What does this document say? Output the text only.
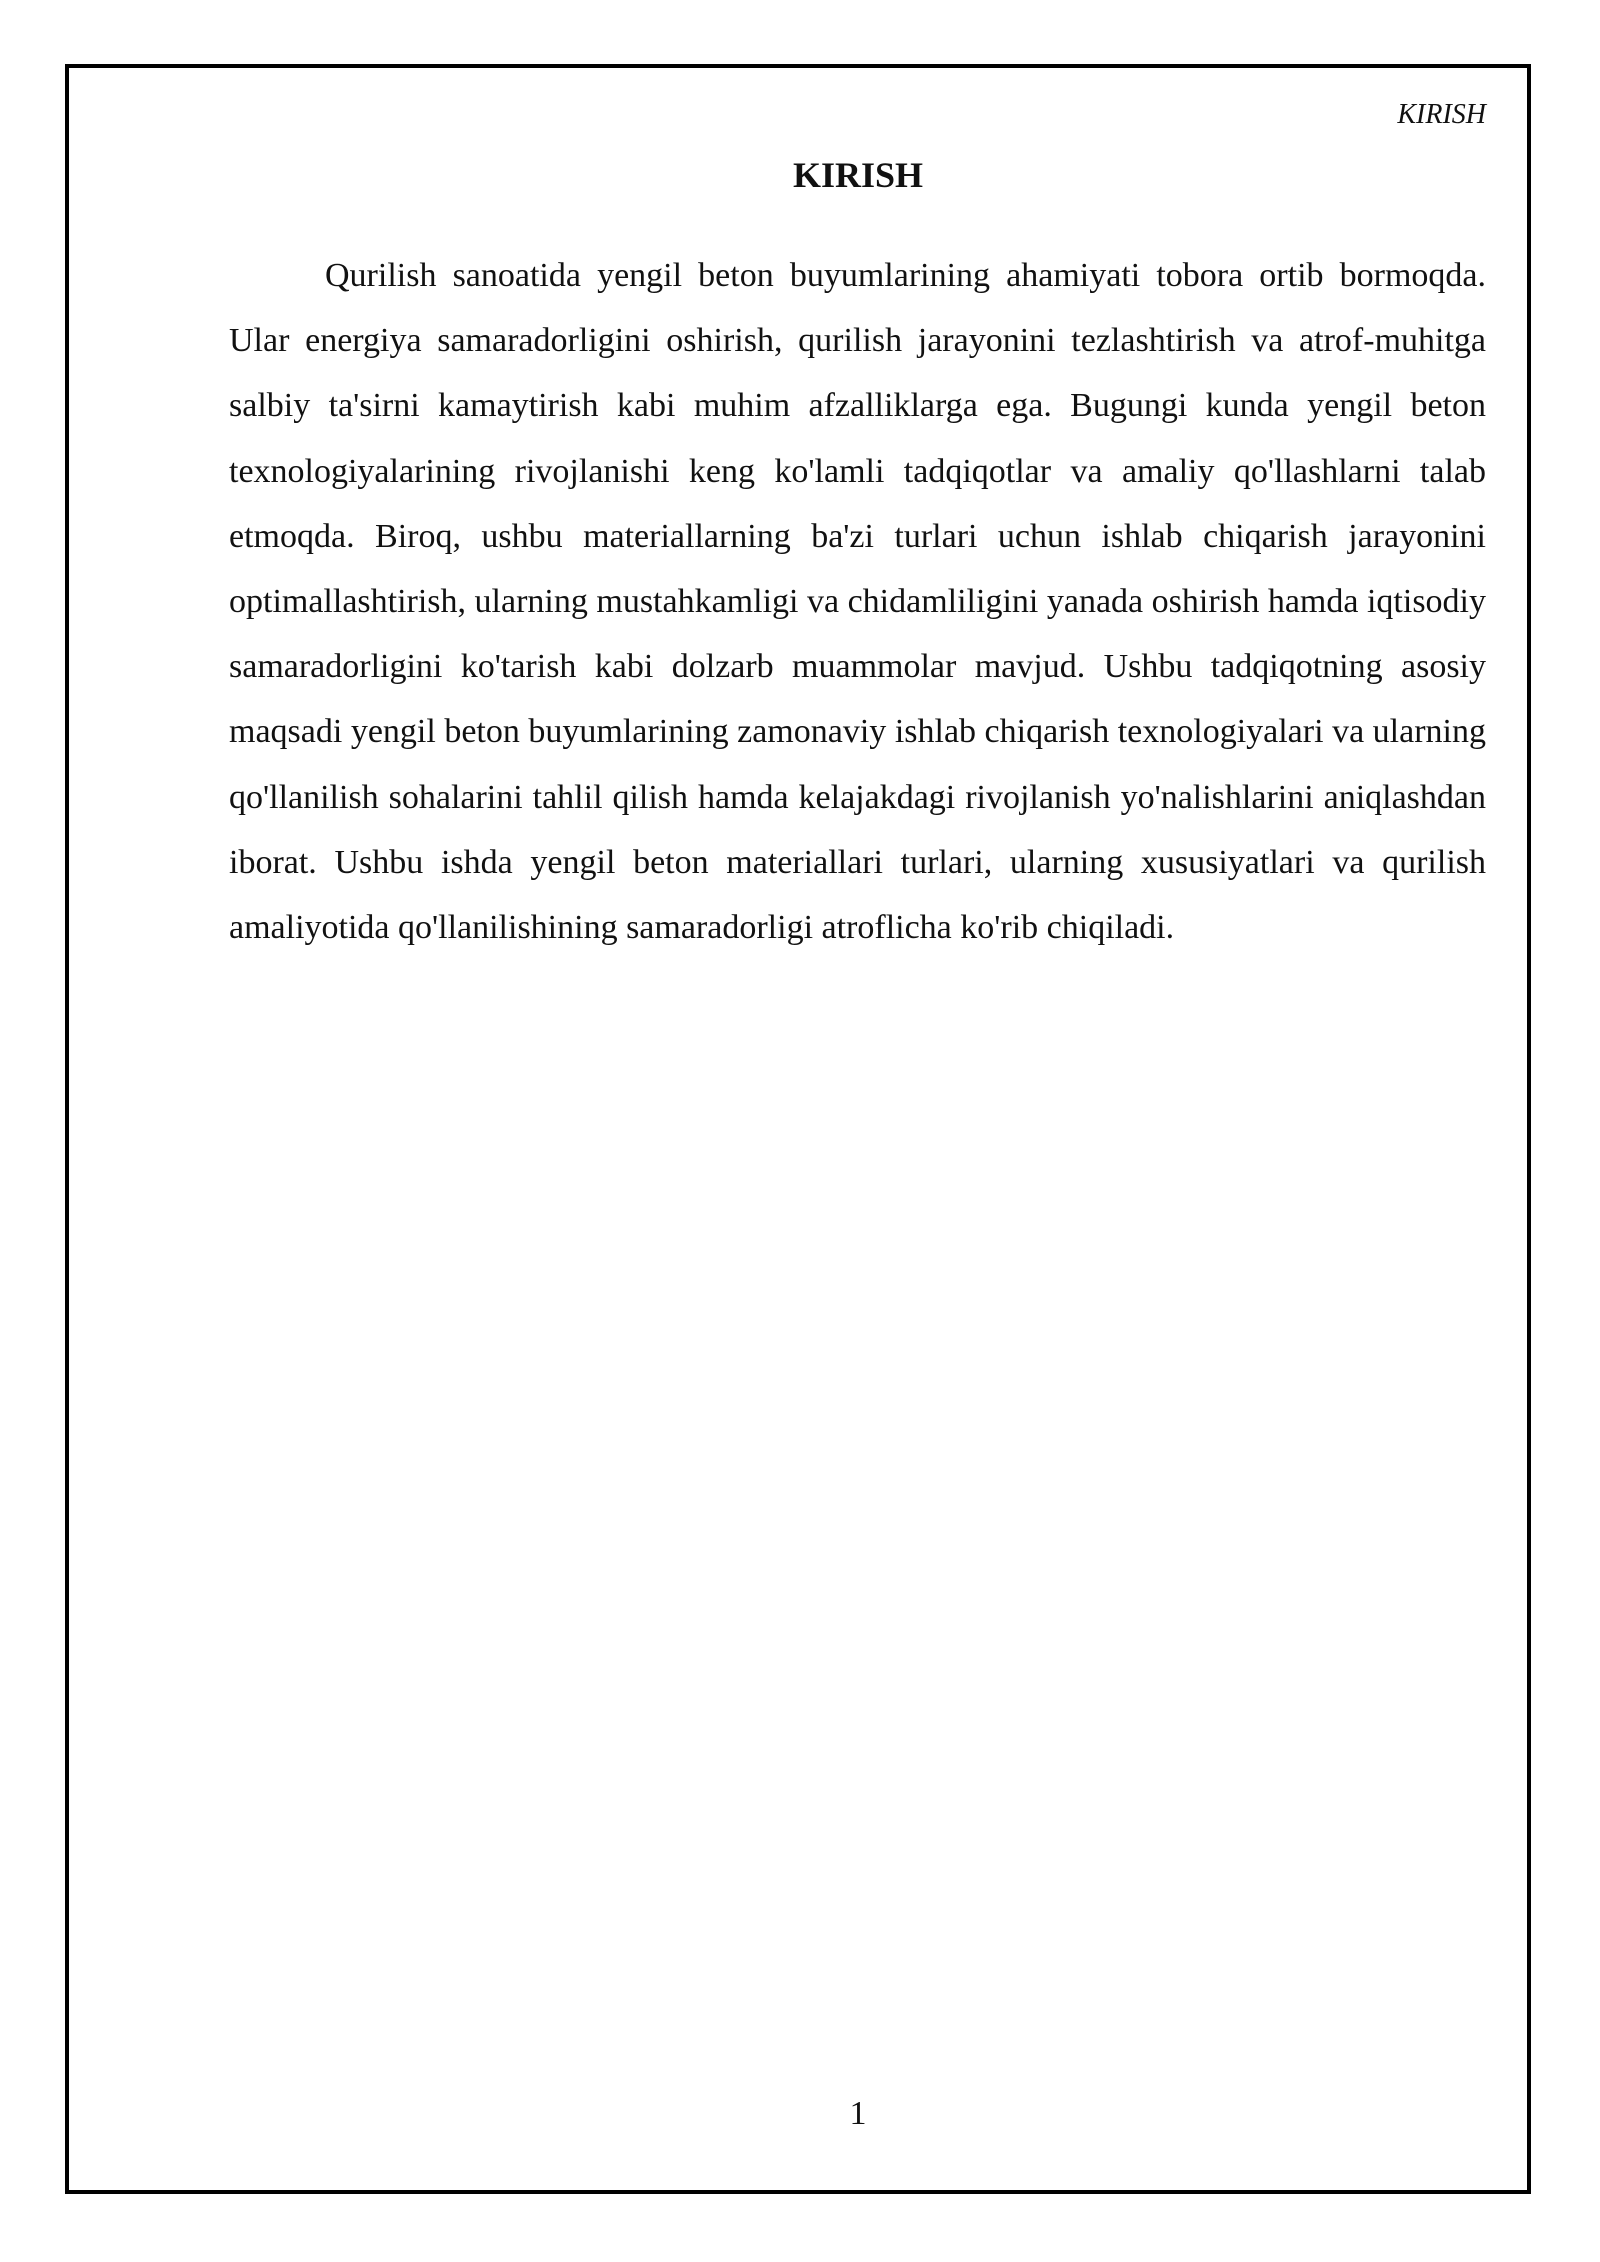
KIRISH
KIRISH

Qurilish sanoatida yengil beton buyumlarining ahamiyati tobora ortib bormoqda. Ular energiya samaradorligini oshirish, qurilish jarayonini tezlashtirish va atrof-muhitga salbiy ta'sirni kamaytirish kabi muhim afzalliklarga ega. Bugungi kunda yengil beton texnologiyalarining rivojlanishi keng ko'lamli tadqiqotlar va amaliy qo'llashlarni talab etmoqda. Biroq, ushbu materiallarning ba'zi turlari uchun ishlab chiqarish jarayonini optimallashtirish, ularning mustahkamligi va chidamliligini yanada oshirish hamda iqtisodiy samaradorligini ko'tarish kabi dolzarb muammolar mavjud. Ushbu tadqiqotning asosiy maqsadi yengil beton buyumlarining zamonaviy ishlab chiqarish texnologiyalari va ularning qo'llanilish sohalarini tahlil qilish hamda kelajakdagi rivojlanish yo'nalishlarini aniqlashdan iborat. Ushbu ishda yengil beton materiallari turlari, ularning xususiyatlari va qurilish amaliyotida qo'llanilishining samaradorligi atroflicha ko'rib chiqiladi.

1
